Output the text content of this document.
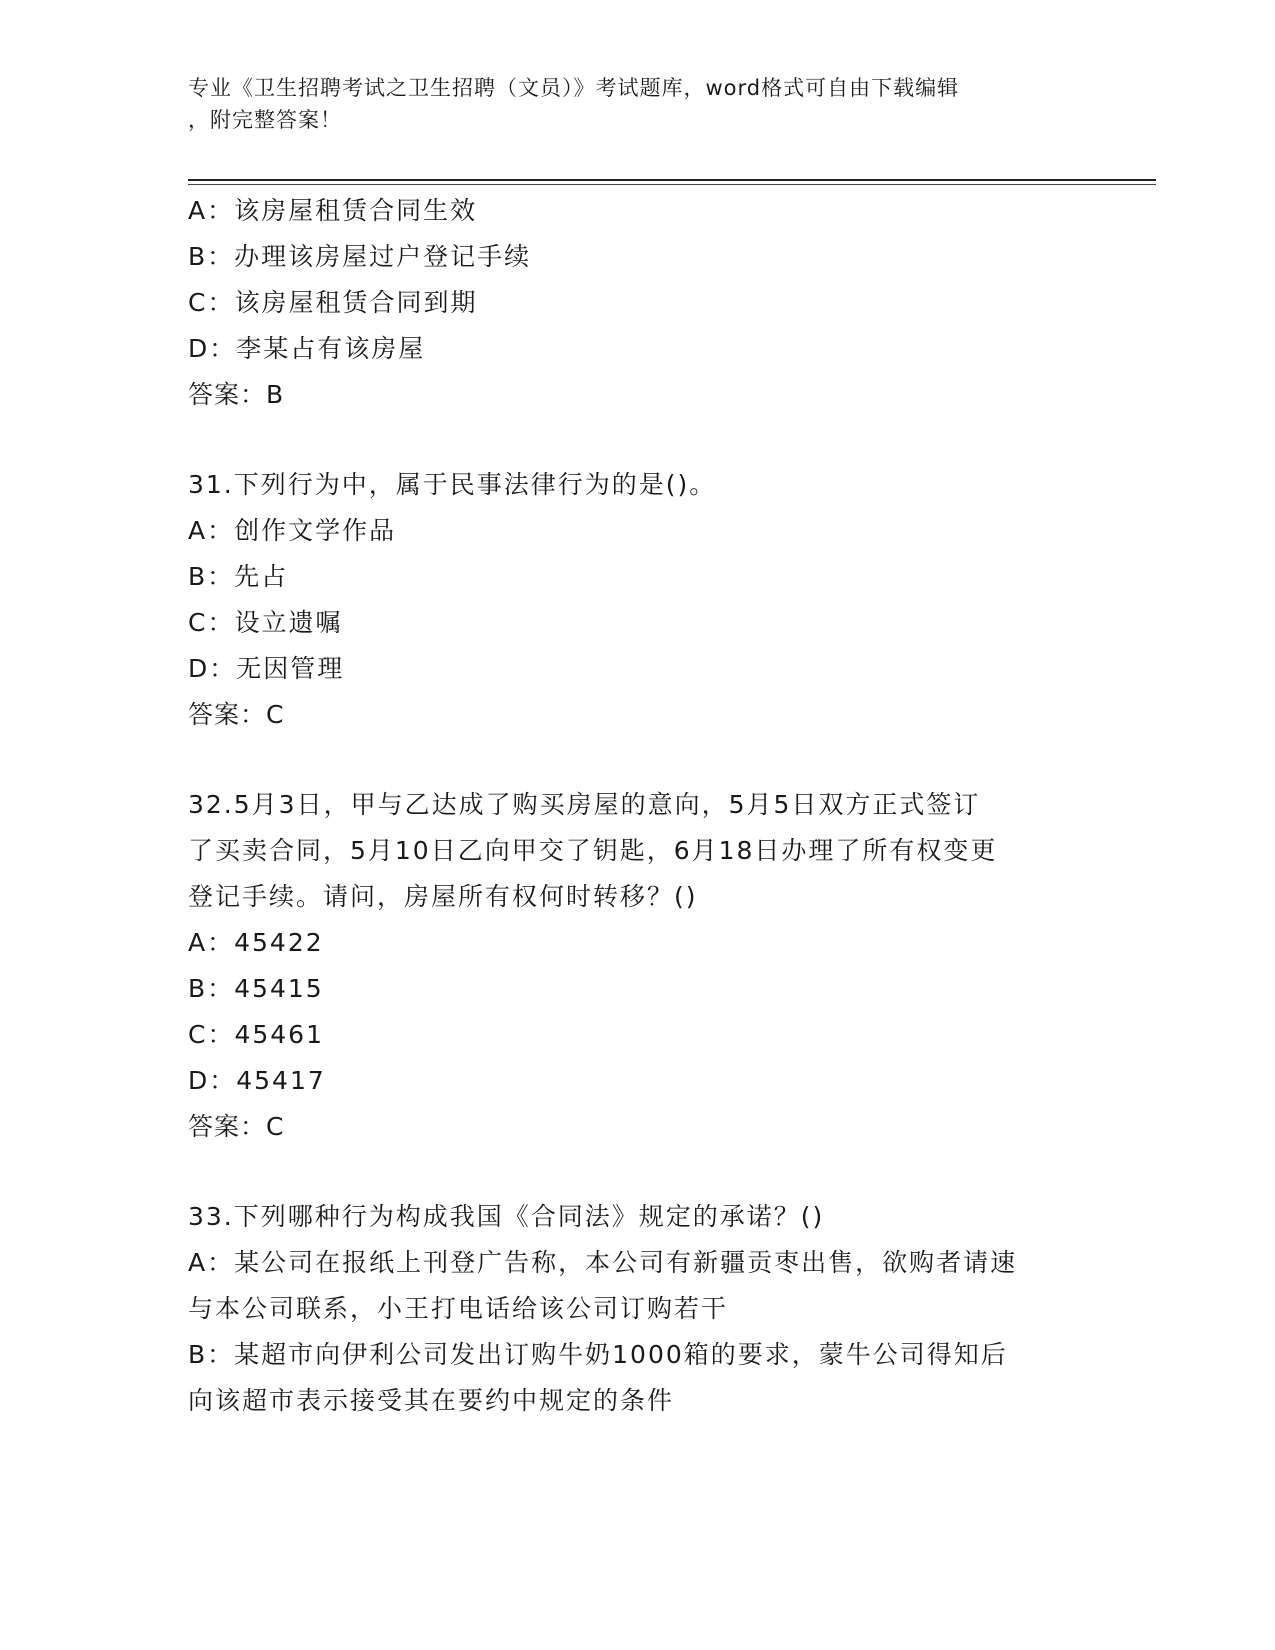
专业《卫生招聘考试之卫生招聘（文员）》考试题库，word格式可自由下载编辑
，附完整答案！
A：该房屋租赁合同生效
B：办理该房屋过户登记手续
C：该房屋租赁合同到期
D：李某占有该房屋
答案：B
31.下列行为中，属于民事法律行为的是()。
A：创作文学作品
B：先占
C：设立遗嘱
D：无因管理
答案：C
32.5月3日，甲与乙达成了购买房屋的意向，5月5日双方正式签订
了买卖合同，5月10日乙向甲交了钥匙，6月18日办理了所有权变更
登记手续。请问，房屋所有权何时转移？()
A：45422
B：45415
C：45461
D：45417
答案：C
33.下列哪种行为构成我国《合同法》规定的承诺？()
A：某公司在报纸上刊登广告称，本公司有新疆贡枣出售，欲购者请速
与本公司联系，小王打电话给该公司订购若干
B：某超市向伊利公司发出订购牛奶1000箱的要求，蒙牛公司得知后
向该超市表示接受其在要约中规定的条件
